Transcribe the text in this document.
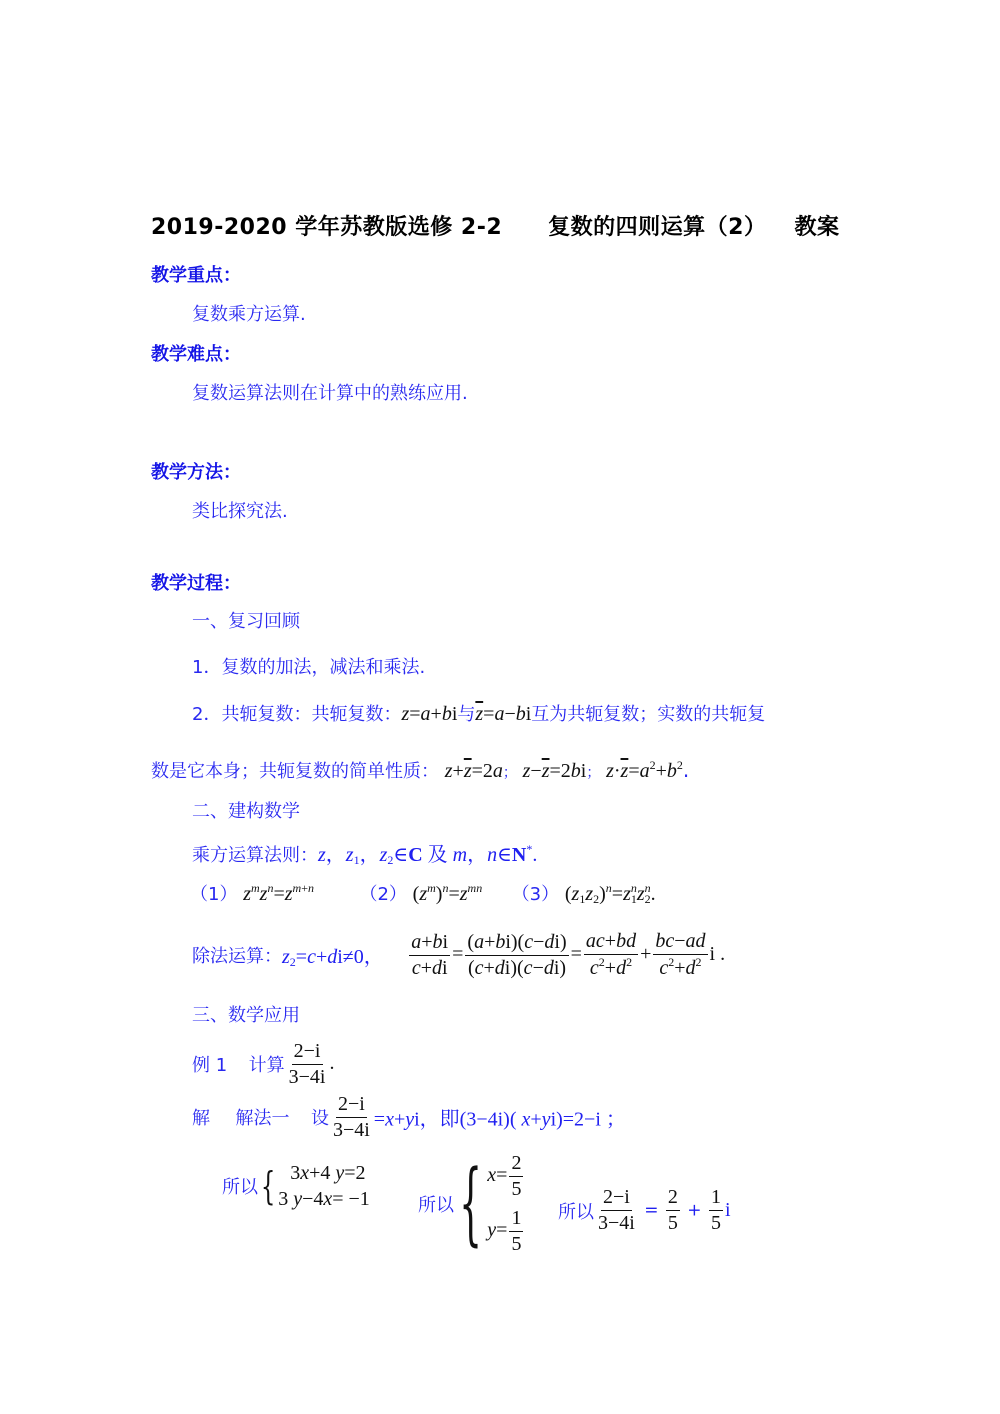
2019-2020 学年苏教版选修 2-2 复数的四则运算（2） 教案
教学重点：
复数乘方运算.
教学难点：
复数运算法则在计算中的熟练应用.
教学方法：
类比探究法.
教学过程：
一、复习回顾
1．复数的加法，减法和乘法.
2．共轭复数：共轭复数：z=a+bi与$\overline{z}=a-bi$互为共轭复数；实数的共轭复
数是它本身；共轭复数的简单性质： $z+\overline{z}=2a$； $z-\overline{z}=2bi$； $z\cdot\overline{z}=a^2+b^2$.
二、建构数学
乘方运算法则：z，$z_1$，$z_2\in C$ 及 m，n∈N*.
（1） $z^mz^n=z^{m+n}$	（2） $(z^m)^n=z^{mn}$ （3） $(z_1z_2)^n=z_1^nz_2^n$.
除法运算：$z_2=c+di\ne 0$， $\frac{a+bi}{c+di} = \frac{(a+bi)(c-di)}{(c+di)(c-di)} = \frac{ac+bd}{c^2+d^2} + \frac{bc-ad}{c^2+d^2}$ i .
三、数学应用
例 1 计算 $\frac{2-i}{3-4i}$ .
解 解法一 设 $\frac{2-i}{3-4i} =x+yi$，即(3−4i)( x+yi)=2−i ；
所以 { 3x+4 y=2
3 y−4x= −1	所以 { $x= \frac{2}{5}$
$y= \frac{1}{5}$ 所以 $\frac{2-i}{3-4i} = \frac{2}{5} + \frac{1}{5}$ i
